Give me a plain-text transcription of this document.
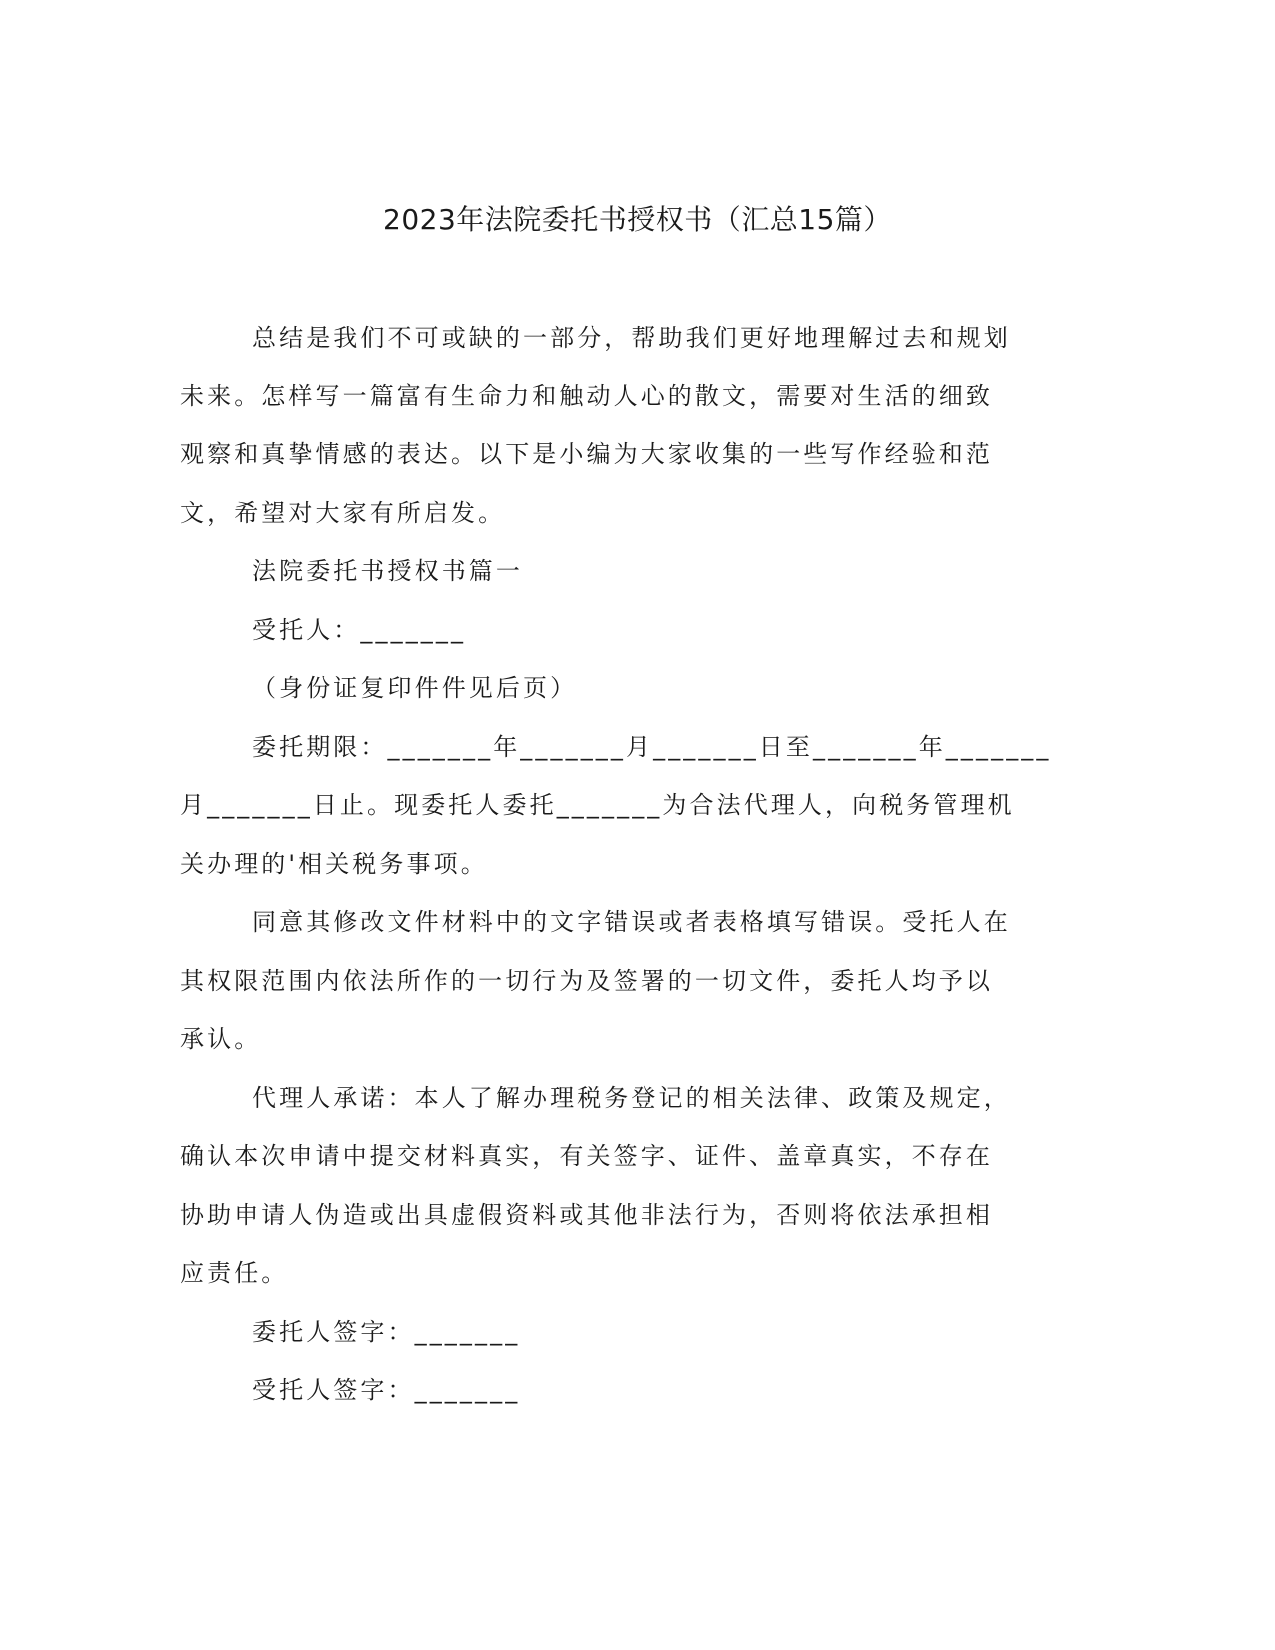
2023年法院委托书授权书（汇总15篇）
总结是我们不可或缺的一部分，帮助我们更好地理解过去和规划
未来。怎样写一篇富有生命力和触动人心的散文，需要对生活的细致
观察和真挚情感的表达。以下是小编为大家收集的一些写作经验和范
文，希望对大家有所启发。
法院委托书授权书篇一
受托人：_______
（身份证复印件件见后页）
委托期限：_______年_______月_______日至_______年_______
月_______日止。现委托人委托_______为合法代理人，向税务管理机
关办理的'相关税务事项。
同意其修改文件材料中的文字错误或者表格填写错误。受托人在
其权限范围内依法所作的一切行为及签署的一切文件，委托人均予以
承认。
代理人承诺：本人了解办理税务登记的相关法律、政策及规定，
确认本次申请中提交材料真实，有关签字、证件、盖章真实，不存在
协助申请人伪造或出具虚假资料或其他非法行为，否则将依法承担相
应责任。
委托人签字：_______
受托人签字：_______
